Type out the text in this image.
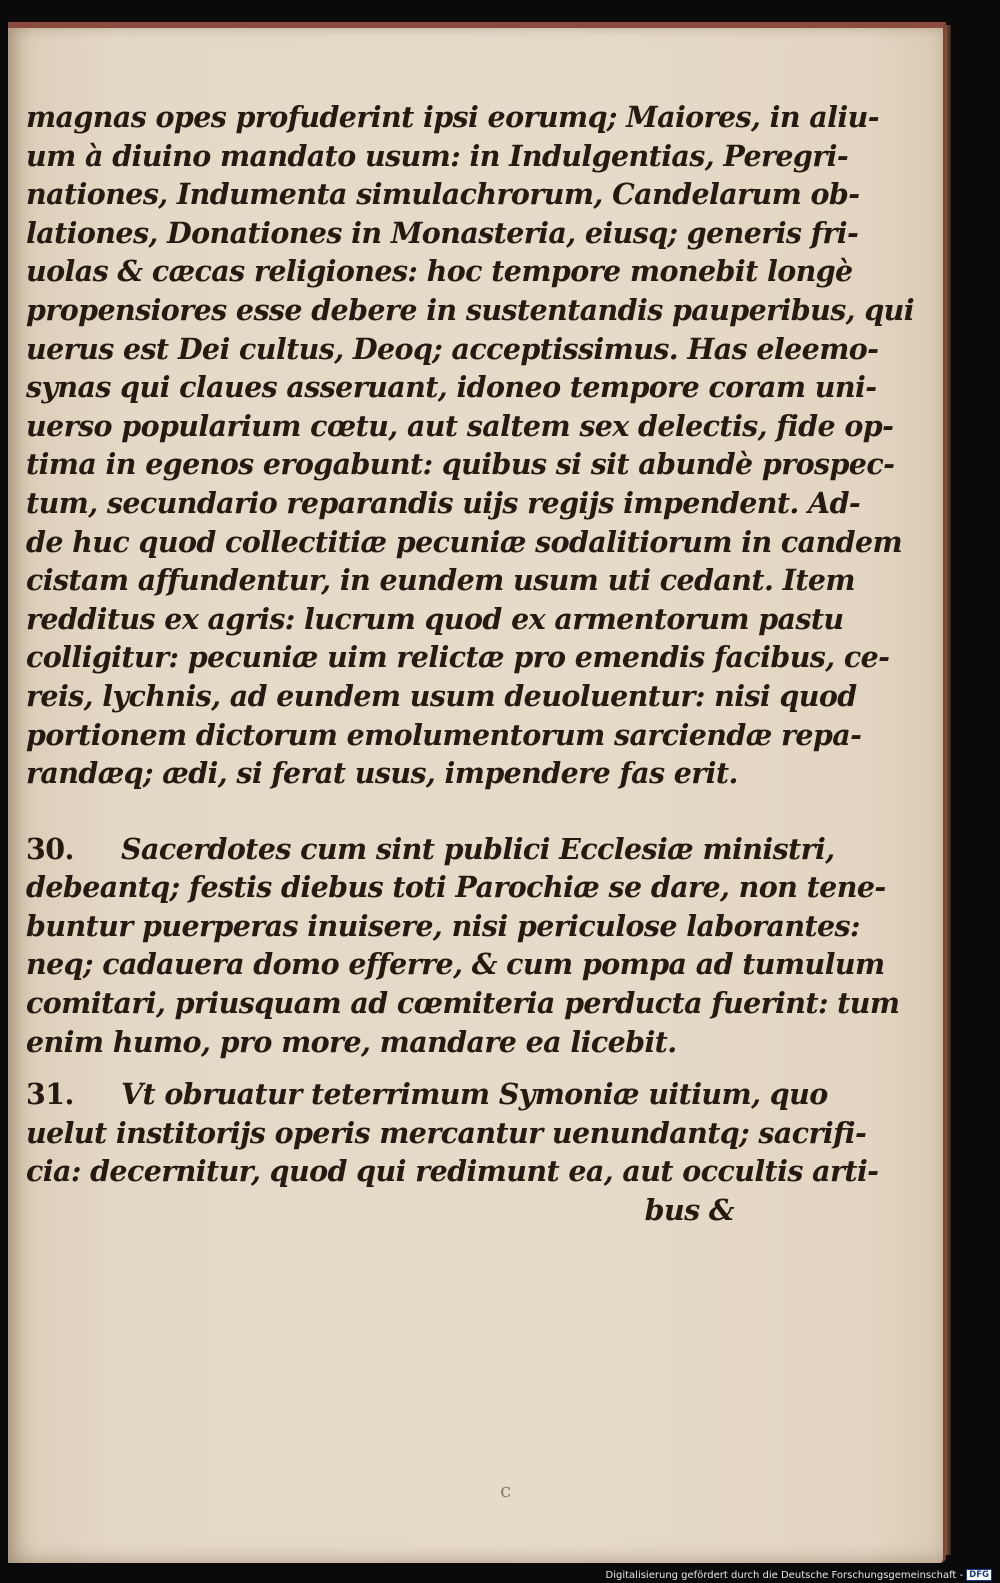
magnas opes profuderint ipsi eorumq; Maiores, in aliu-
um à diuino mandato usum: in Indulgentias, Peregri-
nationes, Indumenta simulachrorum, Candelarum ob-
lationes, Donationes in Monasteria, eiusq; generis fri-
uolas & cæcas religiones: hoc tempore monebit longè
propensiores esse debere in sustentandis pauperibus, qui
uerus est Dei cultus, Deoq; acceptissimus. Has eleemo-
synas qui claues asseruant, idoneo tempore coram uni-
uerso popularium cœtu, aut saltem sex delectis, fide op-
tima in egenos erogabunt: quibus si sit abundè prospec-
tum, secundario reparandis uijs regijs impendent. Ad-
de huc quod collectitiæ pecuniæ sodalitiorum in candem
cistam affundentur, in eundem usum uti cedant. Item
redditus ex agris: lucrum quod ex armentorum pastu
colligitur: pecuniæ uim relictæ pro emendis facibus, ce-
reis, lychnis, ad eundem usum deuoluentur: nisi quod
portionem dictorum emolumentorum sarciendæ repa-
randæq; ædi, si ferat usus, impendere fas erit.
30. Sacerdotes cum sint publici Ecclesiæ ministri,
debeantq; festis diebus toti Parochiæ se dare, non tene-
buntur puerperas inuisere, nisi periculose laborantes:
neq; cadauera domo efferre, & cum pompa ad tumulum
comitari, priusquam ad cœmiteria perducta fuerint: tum
enim humo, pro more, mandare ea licebit.
31. Vt obruatur teterrimum Symoniæ uitium, quo
uelut institorijs operis mercantur uenundantq; sacrifi-
cia: decernitur, quod qui redimunt ea, aut occultis arti-
bus &
c
Digitalisierung gefördert durch die Deutsche Forschungsgemeinschaft - DFG
